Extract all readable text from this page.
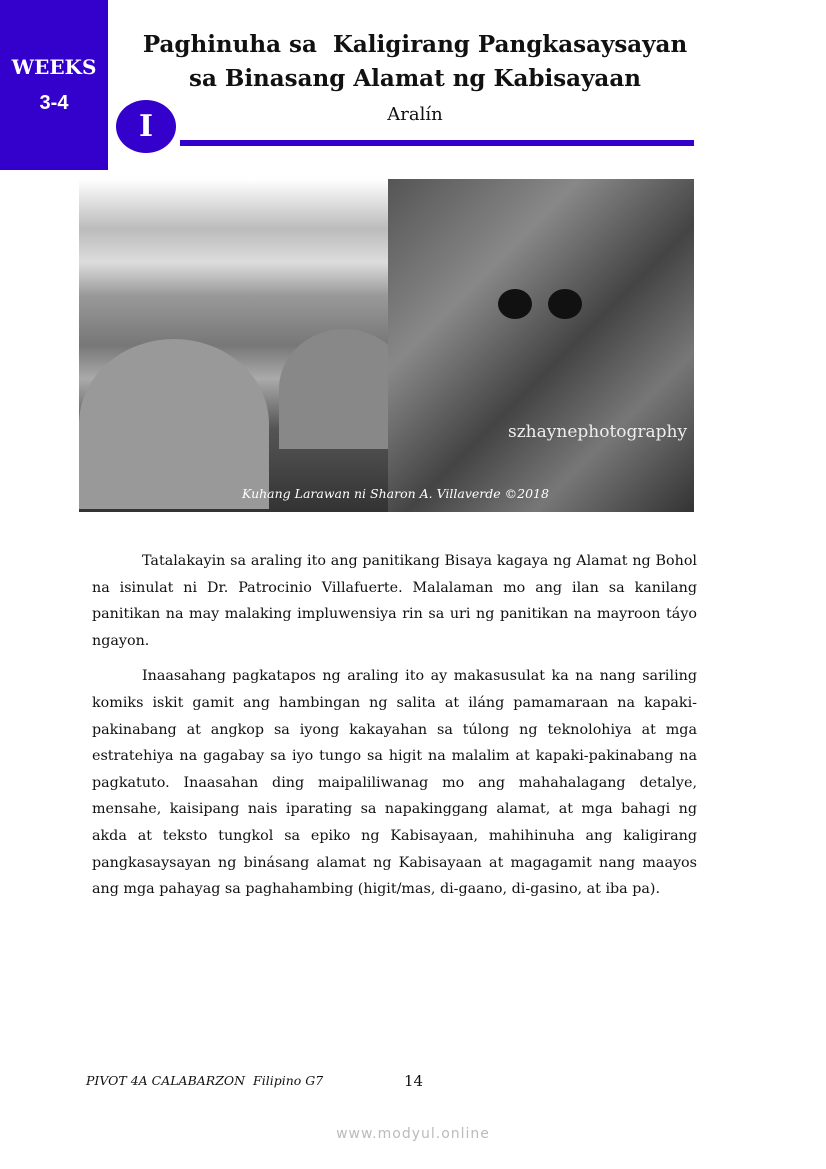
WEEKS
3-4
Paghinuha sa  Kaligirang Pangkasaysayan
sa Binasang Alamat ng Kabisayaan
I	Aralín
szhaynephotography
Kuhang Larawan ni Sharon A. Villaverde ©2018

Tatalakayin sa araling ito ang panitikang Bisaya kagaya ng Alamat ng Bohol na isinulat ni Dr. Patrocinio Villafuerte. Malalaman mo ang ilan sa kanilang panitikan na may malaking impluwensiya rin sa uri ng panitikan na mayroon táyo ngayon.

Inaasahang pagkatapos ng araling ito ay makasusulat ka na nang sariling komiks iskit gamit ang hambingan ng salita at iláng pamamaraan na kapaki-pakinabang at angkop sa iyong kakayahan sa túlong ng teknolohiya at mga estratehiya na gagabay sa iyo tungo sa higit na malalim at kapaki-pakinabang na pagkatuto. Inaasahan ding maipaliliwanag mo ang mahahalagang detalye, mensahe, kaisipang nais iparating sa napakinggang alamat, at mga bahagi ng akda at teksto tungkol sa epiko ng Kabisayaan, mahihinuha ang kaligirang pangkasaysayan ng binásang alamat ng Kabisayaan at magagamit nang maayos ang mga pahayag sa paghahambing (higit/mas, di-gaano, di-gasino, at iba pa).

PIVOT 4A CALABARZON  Filipino G7	14
www.modyul.online
